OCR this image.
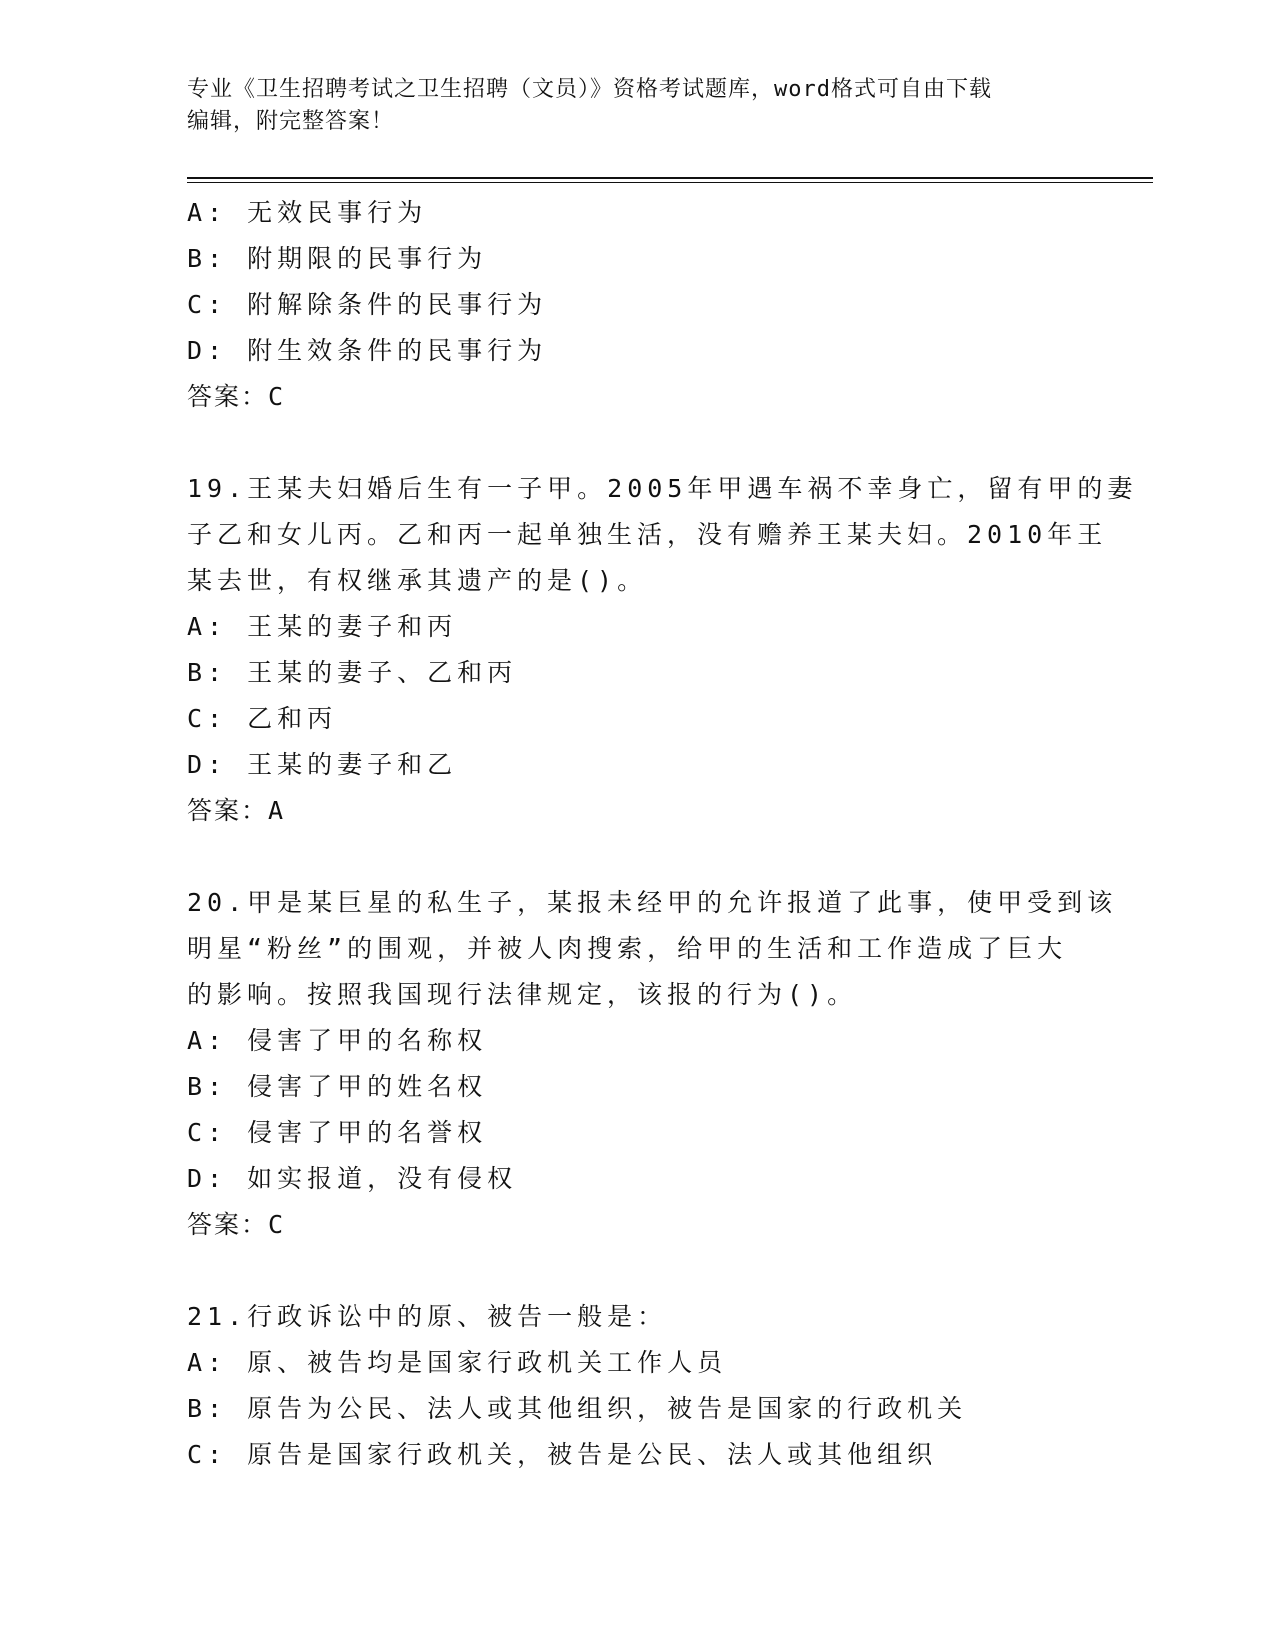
专业《卫生招聘考试之卫生招聘（文员）》资格考试题库，word格式可自由下载
编辑，附完整答案！
A: 无效民事行为
B: 附期限的民事行为
C: 附解除条件的民事行为
D: 附生效条件的民事行为
答案：C
19.王某夫妇婚后生有一子甲。2005年甲遇车祸不幸身亡，留有甲的妻
子乙和女儿丙。乙和丙一起单独生活，没有赡养王某夫妇。2010年王
某去世，有权继承其遗产的是()。
A: 王某的妻子和丙
B: 王某的妻子、乙和丙
C: 乙和丙
D: 王某的妻子和乙
答案：A
20.甲是某巨星的私生子，某报未经甲的允许报道了此事，使甲受到该
明星“粉丝”的围观，并被人肉搜索，给甲的生活和工作造成了巨大
的影响。按照我国现行法律规定，该报的行为()。
A: 侵害了甲的名称权
B: 侵害了甲的姓名权
C: 侵害了甲的名誉权
D: 如实报道，没有侵权
答案：C
21.行政诉讼中的原、被告一般是：
A: 原、被告均是国家行政机关工作人员
B: 原告为公民、法人或其他组织，被告是国家的行政机关
C: 原告是国家行政机关，被告是公民、法人或其他组织
